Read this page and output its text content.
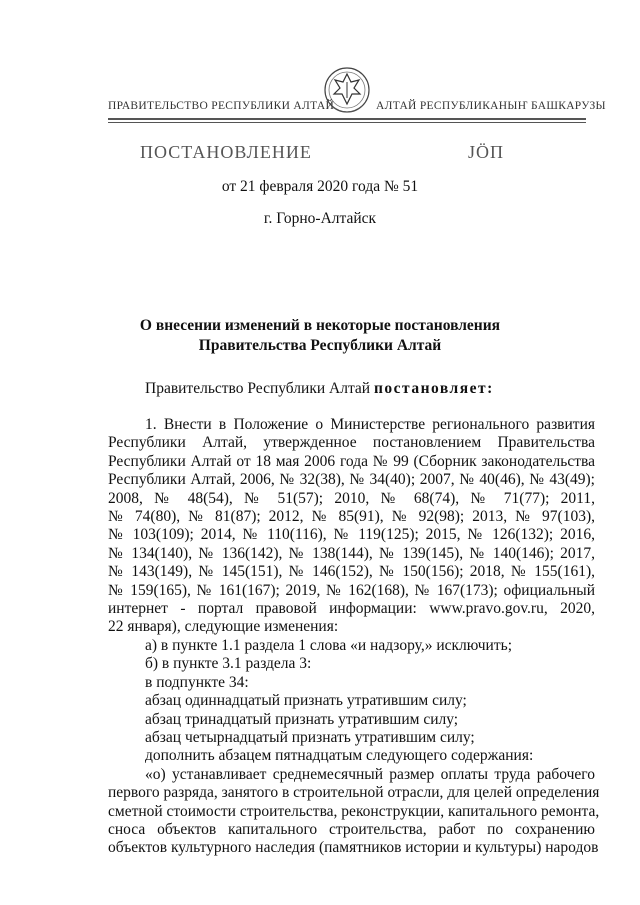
ПРАВИТЕЛЬСТВО РЕСПУБЛИКИ АЛТАЙ	АЛТАЙ РЕСПУБЛИКАНЫҤ БАШКАРУЗЫ
ПОСТАНОВЛЕНИЕ	ЈӦП
от 21 февраля 2020 года № 51
г. Горно-Алтайск
О внесении изменений в некоторые постановления
Правительства Республики Алтай
Правительство Республики Алтай постановляет:
1. Внести в Положение о Министерстве регионального развития
Республики Алтай, утвержденное постановлением Правительства
Республики Алтай от 18 мая 2006 года № 99 (Сборник законодательства
Республики Алтай, 2006, № 32(38), № 34(40); 2007, № 40(46), № 43(49);
2008, № 48(54), № 51(57); 2010, № 68(74), № 71(77); 2011,
№ 74(80), № 81(87); 2012, № 85(91), № 92(98); 2013, № 97(103),
№ 103(109); 2014, № 110(116), № 119(125); 2015, № 126(132); 2016,
№ 134(140), № 136(142), № 138(144), № 139(145), № 140(146); 2017,
№ 143(149), № 145(151), № 146(152), № 150(156); 2018, № 155(161),
№ 159(165), № 161(167); 2019, № 162(168), № 167(173); официальный
интернет - портал правовой информации: www.pravo.gov.ru, 2020,
22 января), следующие изменения:
а) в пункте 1.1 раздела 1 слова «и надзору,» исключить;
б) в пункте 3.1 раздела 3:
в подпункте 34:
абзац одиннадцатый признать утратившим силу;
абзац тринадцатый признать утратившим силу;
абзац четырнадцатый признать утратившим силу;
дополнить абзацем пятнадцатым следующего содержания:
«о) устанавливает среднемесячный размер оплаты труда рабочего
первого разряда, занятого в строительной отрасли, для целей определения
сметной стоимости строительства, реконструкции, капитального ремонта,
сноса объектов капитального строительства, работ по сохранению
объектов культурного наследия (памятников истории и культуры) народов
